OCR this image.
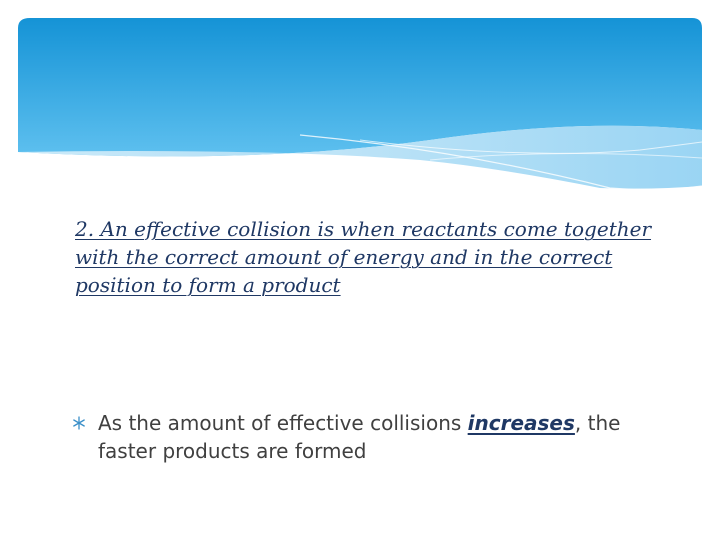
2. An effective collision is when reactants come together with the correct amount of energy and in the correct position to form a product

As the amount of effective collisions increases, the faster products are formed
